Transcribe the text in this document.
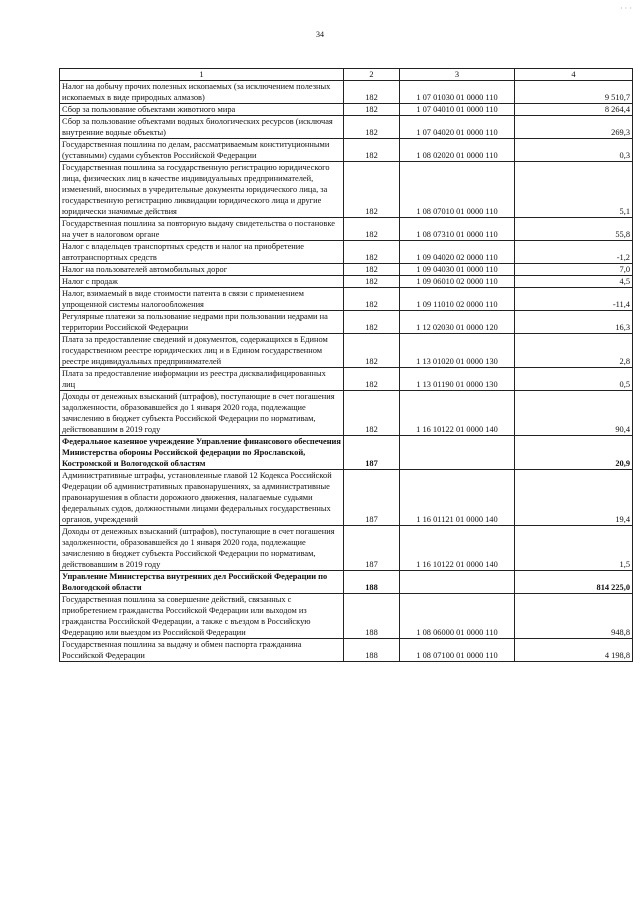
34
1	2	3	4
Налог на добычу прочих полезных ископаемых (за исключением полезных ископаемых в виде природных алмазов)	182	1 07 01030 01 0000 110	9 510,7
Сбор за пользование объектами животного мира	182	1 07 04010 01 0000 110	8 264,4
Сбор за пользование объектами водных биологических ресурсов (исключая внутренние водные объекты)	182	1 07 04020 01 0000 110	269,3
Государственная пошлина по делам, рассматриваемым конституционными (уставными) судами субъектов Российской Федерации	182	1 08 02020 01 0000 110	0,3
Государственная пошлина за государственную регистрацию юридического лица, физических лиц в качестве индивидуальных предпринимателей, изменений, вносимых в учредительные документы юридического лица, за государственную регистрацию ликвидации юридического лица и другие юридически значимые действия	182	1 08 07010 01 0000 110	5,1
Государственная пошлина за повторную выдачу свидетельства о постановке на учет в налоговом органе	182	1 08 07310 01 0000 110	55,8
Налог с владельцев транспортных средств и налог на приобретение автотранспортных средств	182	1 09 04020 02 0000 110	-1,2
Налог на пользователей автомобильных дорог	182	1 09 04030 01 0000 110	7,0
Налог с продаж	182	1 09 06010 02 0000 110	4,5
Налог, взимаемый в виде стоимости патента в связи с применением упрощенной системы налогообложения	182	1 09 11010 02 0000 110	-11,4
Регулярные платежи за пользование недрами при пользовании недрами на территории Российской Федерации	182	1 12 02030 01 0000 120	16,3
Плата за предоставление сведений и документов, содержащихся в Едином государственном реестре юридических лиц и в Едином государственном реестре индивидуальных предпринимателей	182	1 13 01020 01 0000 130	2,8
Плата за предоставление информации из реестра дисквалифицированных лиц	182	1 13 01190 01 0000 130	0,5
Доходы от денежных взысканий (штрафов), поступающие в счет погашения задолженности, образовавшейся до 1 января 2020 года, подлежащие зачислению в бюджет субъекта Российской Федерации по нормативам, действовавшим в 2019 году	182	1 16 10122 01 0000 140	90,4
Федеральное казенное учреждение Управление финансового обеспечения Министерства обороны Российской федерации по Ярославской, Костромской и Вологодской областям	187		20,9
Административные штрафы, установленные главой 12 Кодекса Российской Федерации об административных правонарушениях, за административные правонарушения в области дорожного движения, налагаемые судьями федеральных судов, должностными лицами федеральных государственных органов, учреждений	187	1 16 01121 01 0000 140	19,4
Доходы от денежных взысканий (штрафов), поступающие в счет погашения задолженности, образовавшейся до 1 января 2020 года, подлежащие зачислению в бюджет субъекта Российской Федерации по нормативам, действовавшим в 2019 году	187	1 16 10122 01 0000 140	1,5
Управление Министерства внутренних дел Российской Федерации по Вологодской области	188		814 225,0
Государственная пошлина за совершение действий, связанных с приобретением гражданства Российской Федерации или выходом из гражданства Российской Федерации, а также с въездом в Российскую Федерацию или выездом из Российской Федерации	188	1 08 06000 01 0000 110	948,8
Государственная пошлина за выдачу и обмен паспорта гражданина Российской Федерации	188	1 08 07100 01 0000 110	4 198,8
· · ·
